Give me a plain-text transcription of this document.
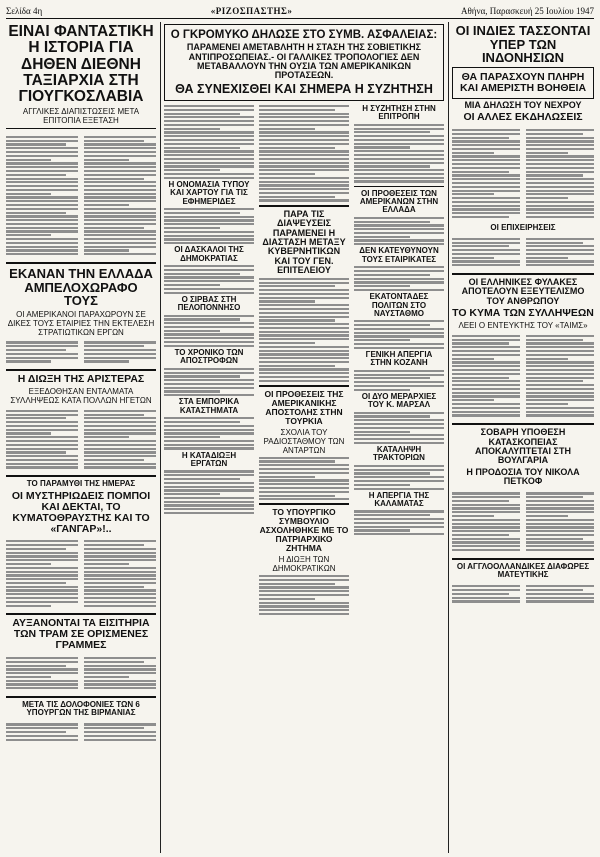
Σελίδα 4η	«ΡΙΖΟΣΠΑΣΤΗΣ»	Αθήνα, Παρασκευή 25 Ιουλίου 1947
ΕΙΝΑΙ ΦΑΝΤΑΣΤΙΚΗ Η ΙΣΤΟΡΙΑ ΓΙΑ ΔΗΘΕΝ ΔΙΕΘΝΗ ΤΑΞΙΑΡΧΙΑ ΣΤΗ ΓΙΟΥΓΚΟΣΛΑΒΙΑ
ΑΓΓΛΙΚΕΣ ΔΙΑΠΙΣΤΩΣΕΙΣ ΜΕΤΑ ΕΠΙΤΟΠΙΑ ΕΞΕΤΑΣΗ
ΕΚΑΝΑΝ ΤΗΝ ΕΛΛΑΔΑ ΑΜΠΕΛΟΧΩΡΑΦΟ ΤΟΥΣ
ΟΙ ΑΜΕΡΙΚΑΝΟΙ ΠΑΡΑΧΩΡΟΥΝ ΣΕ ΔΙΚΕΣ ΤΟΥΣ ΕΤΑΙΡΙΕΣ ΤΗΝ ΕΚΤΕΛΕΣΗ ΣΤΡΑΤΙΩΤΙΚΩΝ ΕΡΓΩΝ
Η ΔΙΩΞΗ ΤΗΣ ΑΡΙΣΤΕΡΑΣ
ΕΞΕΔΟΘΗΣΑΝ ΕΝΤΑΛΜΑΤΑ ΣΥΛΛΗΨΕΩΣ ΚΑΤΑ ΠΟΛΛΩΝ ΗΓΕΤΩΝ
ΤΟ ΠΑΡΑΜΥΘΙ ΤΗΣ ΗΜΕΡΑΣ
ΟΙ ΜΥΣΤΗΡΙΩΔΕΙΣ ΠΟΜΠΟΙ ΚΑΙ ΔΕΚΤΑΙ, ΤΟ ΚΥΜΑΤΟΘΡΑΥΣΤΗΣ ΚΑΙ ΤΟ «ΓΑΝΓΑΡ»!..
ΑΥΞΑΝΟΝΤΑΙ ΤΑ ΕΙΣΙΤΗΡΙΑ ΤΩΝ ΤΡΑΜ ΣΕ ΟΡΙΣΜΕΝΕΣ ΓΡΑΜΜΕΣ
ΜΕΤΑ ΤΙΣ ΔΟΛΟΦΟΝΙΕΣ ΤΩΝ 6 ΥΠΟΥΡΓΩΝ ΤΗΣ ΒΙΡΜΑΝΙΑΣ
Ο ΓΚΡΟΜΥΚΟ ΔΗΛΩΣΕ ΣΤΟ ΣΥΜΒ. ΑΣΦΑΛΕΙΑΣ:
ΠΑΡΑΜΕΝΕΙ ΑΜΕΤΑΒΛΗΤΗ Η ΣΤΑΣΗ ΤΗΣ ΣΟΒΙΕΤΙΚΗΣ ΑΝΤΙΠΡΟΣΩΠΕΙΑΣ.- ΟΙ ΓΑΛΛΙΚΕΣ ΤΡΟΠΟΛΟΓΙΕΣ ΔΕΝ ΜΕΤΑΒΑΛΛΟΥΝ ΤΗΝ ΟΥΣΙΑ ΤΩΝ ΑΜΕΡΙΚΑΝΙΚΩΝ ΠΡΟΤΑΣΕΩΝ.
ΘΑ ΣΥΝΕΧΙΣΘΕΙ ΚΑΙ ΣΗΜΕΡΑ Η ΣΥΖΗΤΗΣΗ
Η ΟΝΟΜΑΣΙΑ ΤΥΠΟΥ ΚΑΙ ΧΑΡΤΟΥ ΓΙΑ ΤΙΣ ΕΦΗΜΕΡΙΔΕΣ
ΟΙ ΔΑΣΚΑΛΟΙ ΤΗΣ ΔΗΜΟΚΡΑΤΙΑΣ
Ο ΣΙΡΒΑΣ ΣΤΗ ΠΕΛΟΠΟΝΝΗΣΟ
ΤΟ ΧΡΟΝΙΚΟ ΤΩΝ ΑΠΟΣΤΡΟΦΩΝ
ΣΤΑ ΕΜΠΟΡΙΚΑ ΚΑΤΑΣΤΗΜΑΤΑ
Η ΚΑΤΑΔΙΩΞΗ ΕΡΓΑΤΩΝ
ΠΑΡΑ ΤΙΣ ΔΙΑΨΕΥΣΕΙΣ ΠΑΡΑΜΕΝΕΙ Η ΔΙΑΣΤΑΣΗ ΜΕΤΑΞΥ ΚΥΒΕΡΝΗΤΙΚΩΝ ΚΑΙ ΤΟΥ ΓΕΝ. ΕΠΙΤΕΛΕΙΟΥ
ΟΙ ΠΡΟΘΕΣΕΙΣ ΤΗΣ ΑΜΕΡΙΚΑΝΙΚΗΣ ΑΠΟΣΤΟΛΗΣ ΣΤΗΝ ΤΟΥΡΚΙΑ
ΣΧΟΛΙΑ ΤΟΥ ΡΑΔΙΟΣΤΑΘΜΟΥ ΤΩΝ ΑΝΤΑΡΤΩΝ
ΤΟ ΥΠΟΥΡΓΙΚΟ ΣΥΜΒΟΥΛΙΟ ΑΣΧΟΛΗΘΗΚΕ ΜΕ ΤΟ ΠΑΤΡΙΑΡΧΙΚΟ ΖΗΤΗΜΑ
Η ΔΙΩΞΗ ΤΩΝ ΔΗΜΟΚΡΑΤΙΚΩΝ
Η ΣΥΖΗΤΗΣΗ ΣΤΗΝ ΕΠΙΤΡΟΠΗ
ΟΙ ΠΡΟΘΕΣΕΙΣ ΤΩΝ ΑΜΕΡΙΚΑΝΩΝ ΣΤΗΝ ΕΛΛΑΔΑ
ΔΕΝ ΚΑΤΕΥΘΥΝΟΥΝ ΤΟΥΣ ΕΤΑΙΡΙΚΑΤΕΣ
ΕΚΑΤΟΝΤΑΔΕΣ ΠΟΛΙΤΩΝ ΣΤΟ ΝΑΥΣΤΑΘΜΟ
ΓΕΝΙΚΗ ΑΠΕΡΓΙΑ ΣΤΗΝ ΚΟΖΑΝΗ
ΟΙ ΔΥΟ ΜΕΡΑΡΧΙΕΣ ΤΟΥ Κ. ΜΑΡΣΑΛ
ΚΑΤΑΛΗΨΗ ΤΡΑΚΤΟΡΙΩΝ
Η ΑΠΕΡΓΙΑ ΤΗΣ ΚΑΛΑΜΑΤΑΣ
ΟΙ ΙΝΔΙΕΣ ΤΑΣΣΟΝΤΑΙ ΥΠΕΡ ΤΩΝ ΙΝΔΟΝΗΣΙΩΝ
ΘΑ ΠΑΡΑΣΧΟΥΝ ΠΛΗΡΗ ΚΑΙ ΑΜΕΡΙΣΤΗ ΒΟΗΘΕΙΑ
ΜΙΑ ΔΗΛΩΣΗ ΤΟΥ ΝΕΧΡΟΥ
ΟΙ ΑΛΛΕΣ ΕΚΔΗΛΩΣΕΙΣ
ΟΙ ΕΠΙΧΕΙΡΗΣΕΙΣ
ΟΙ ΕΛΛΗΝΙΚΕΣ ΦΥΛΑΚΕΣ ΑΠΟΤΕΛΟΥΝ ΕΞΕΥΤΕΛΙΣΜΟ ΤΟΥ ΑΝΘΡΩΠΟΥ
ΤΟ ΚΥΜΑ ΤΩΝ ΣΥΛΛΗΨΕΩΝ
ΛΕΕΙ Ο ΕΝΤΕΥΚΤΗΣ ΤΟΥ «ΤΑΙΜΣ»
ΣΟΒΑΡΗ ΥΠΟΘΕΣΗ ΚΑΤΑΣΚΟΠΕΙΑΣ ΑΠΟΚΑΛΥΠΤΕΤΑΙ ΣΤΗ ΒΟΥΛΓΑΡΙΑ
Η ΠΡΟΔΟΣΙΑ ΤΟΥ ΝΙΚΟΛΑ ΠΕΤΚΟΦ
ΟΙ ΑΓΓΛΟΟΛΛΑΝΔΙΚΕΣ ΔΙΑΦΩΡΕΣ ΜΑΤΕΥΤΙΚΗΣ
